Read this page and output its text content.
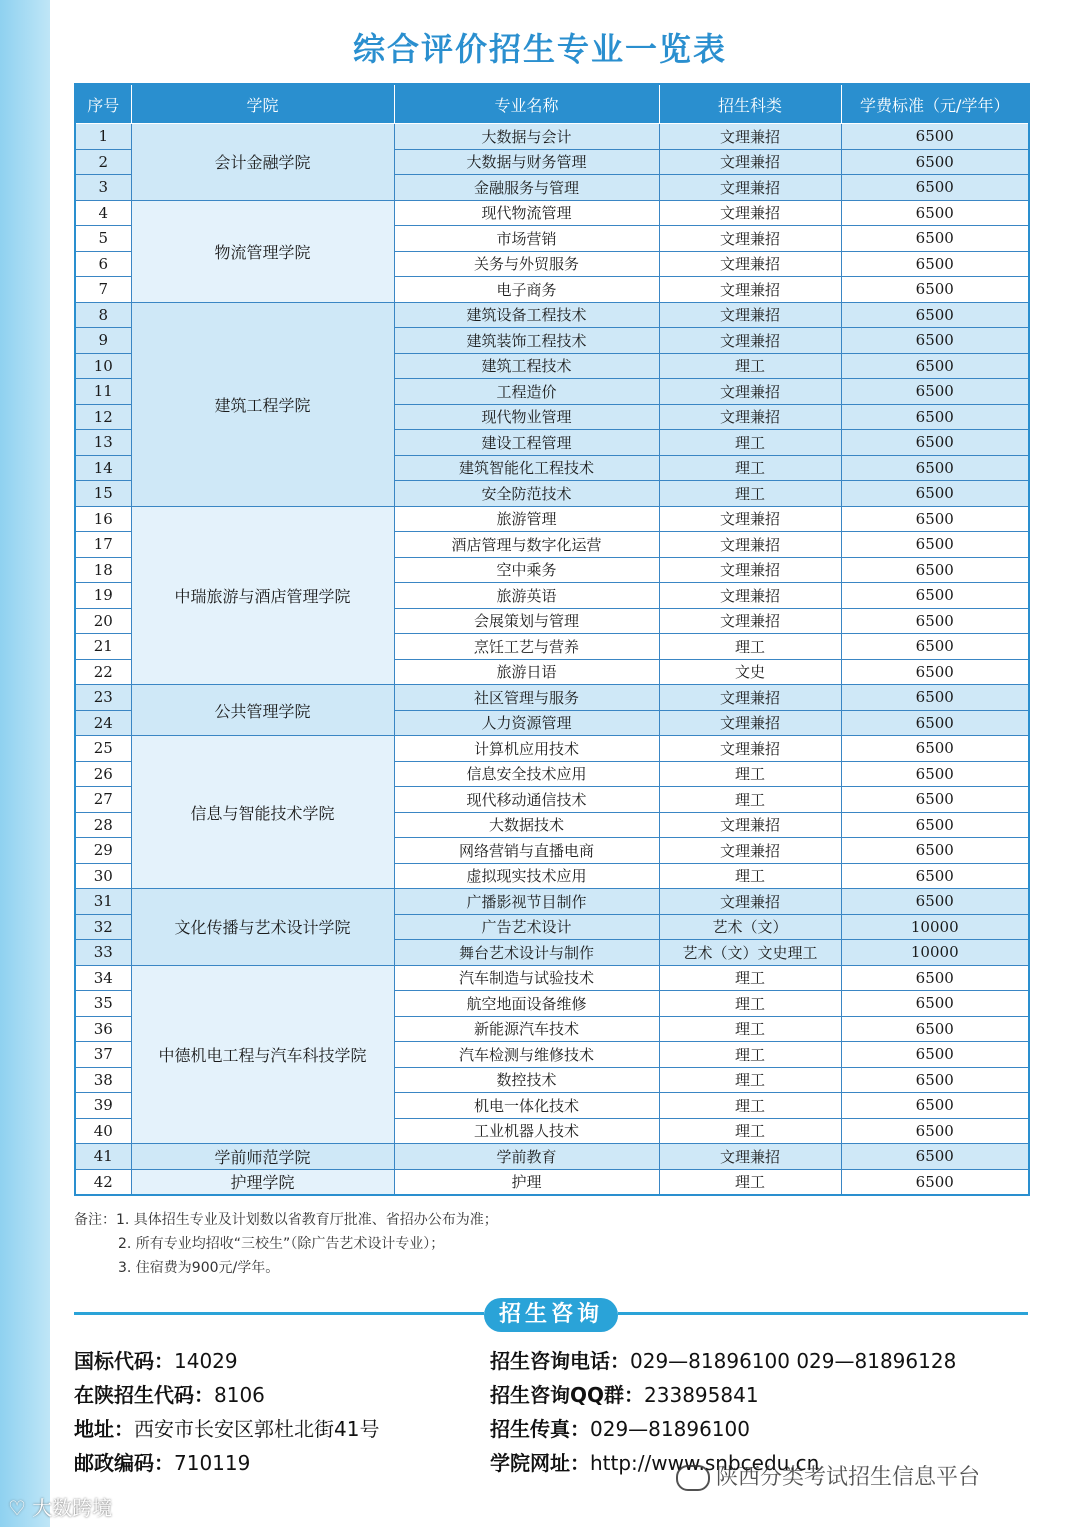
综合评价招生专业一览表
序号	学院	专业名称	招生科类	学费标准（元/学年）
1	会计金融学院	大数据与会计	文理兼招	6500
2		大数据与财务管理	文理兼招	6500
3		金融服务与管理	文理兼招	6500
4	物流管理学院	现代物流管理	文理兼招	6500
5		市场营销	文理兼招	6500
6		关务与外贸服务	文理兼招	6500
7		电子商务	文理兼招	6500
8	建筑工程学院	建筑设备工程技术	文理兼招	6500
9		建筑装饰工程技术	文理兼招	6500
10		建筑工程技术	理工	6500
11		工程造价	文理兼招	6500
12		现代物业管理	文理兼招	6500
13		建设工程管理	理工	6500
14		建筑智能化工程技术	理工	6500
15		安全防范技术	理工	6500
16	中瑞旅游与酒店管理学院	旅游管理	文理兼招	6500
17		酒店管理与数字化运营	文理兼招	6500
18		空中乘务	文理兼招	6500
19		旅游英语	文理兼招	6500
20		会展策划与管理	文理兼招	6500
21		烹饪工艺与营养	理工	6500
22		旅游日语	文史	6500
23	公共管理学院	社区管理与服务	文理兼招	6500
24		人力资源管理	文理兼招	6500
25	信息与智能技术学院	计算机应用技术	文理兼招	6500
26		信息安全技术应用	理工	6500
27		现代移动通信技术	理工	6500
28		大数据技术	文理兼招	6500
29		网络营销与直播电商	文理兼招	6500
30		虚拟现实技术应用	理工	6500
31	文化传播与艺术设计学院	广播影视节目制作	文理兼招	6500
32		广告艺术设计	艺术（文）	10000
33		舞台艺术设计与制作	艺术（文）文史理工	10000
34	中德机电工程与汽车科技学院	汽车制造与试验技术	理工	6500
35		航空地面设备维修	理工	6500
36		新能源汽车技术	理工	6500
37		汽车检测与维修技术	理工	6500
38		数控技术	理工	6500
39		机电一体化技术	理工	6500
40		工业机器人技术	理工	6500
41	学前师范学院	学前教育	文理兼招	6500
42	护理学院	护理	理工	6500
备注：1. 具体招生专业及计划数以省教育厅批准、省招办公布为准；
2. 所有专业均招收“三校生”（除广告艺术设计专业）；
3. 住宿费为900元/学年。
招生咨询
国标代码：14029
在陕招生代码：8106
地址：西安市长安区郭杜北街41号
邮政编码：710119
招生咨询电话：029—81896100 029—81896128
招生咨询QQ群：233895841
招生传真：029—81896100
学院网址：http://www.snbcedu.cn
陕西分类考试招生信息平台
♡ 大数跨境
